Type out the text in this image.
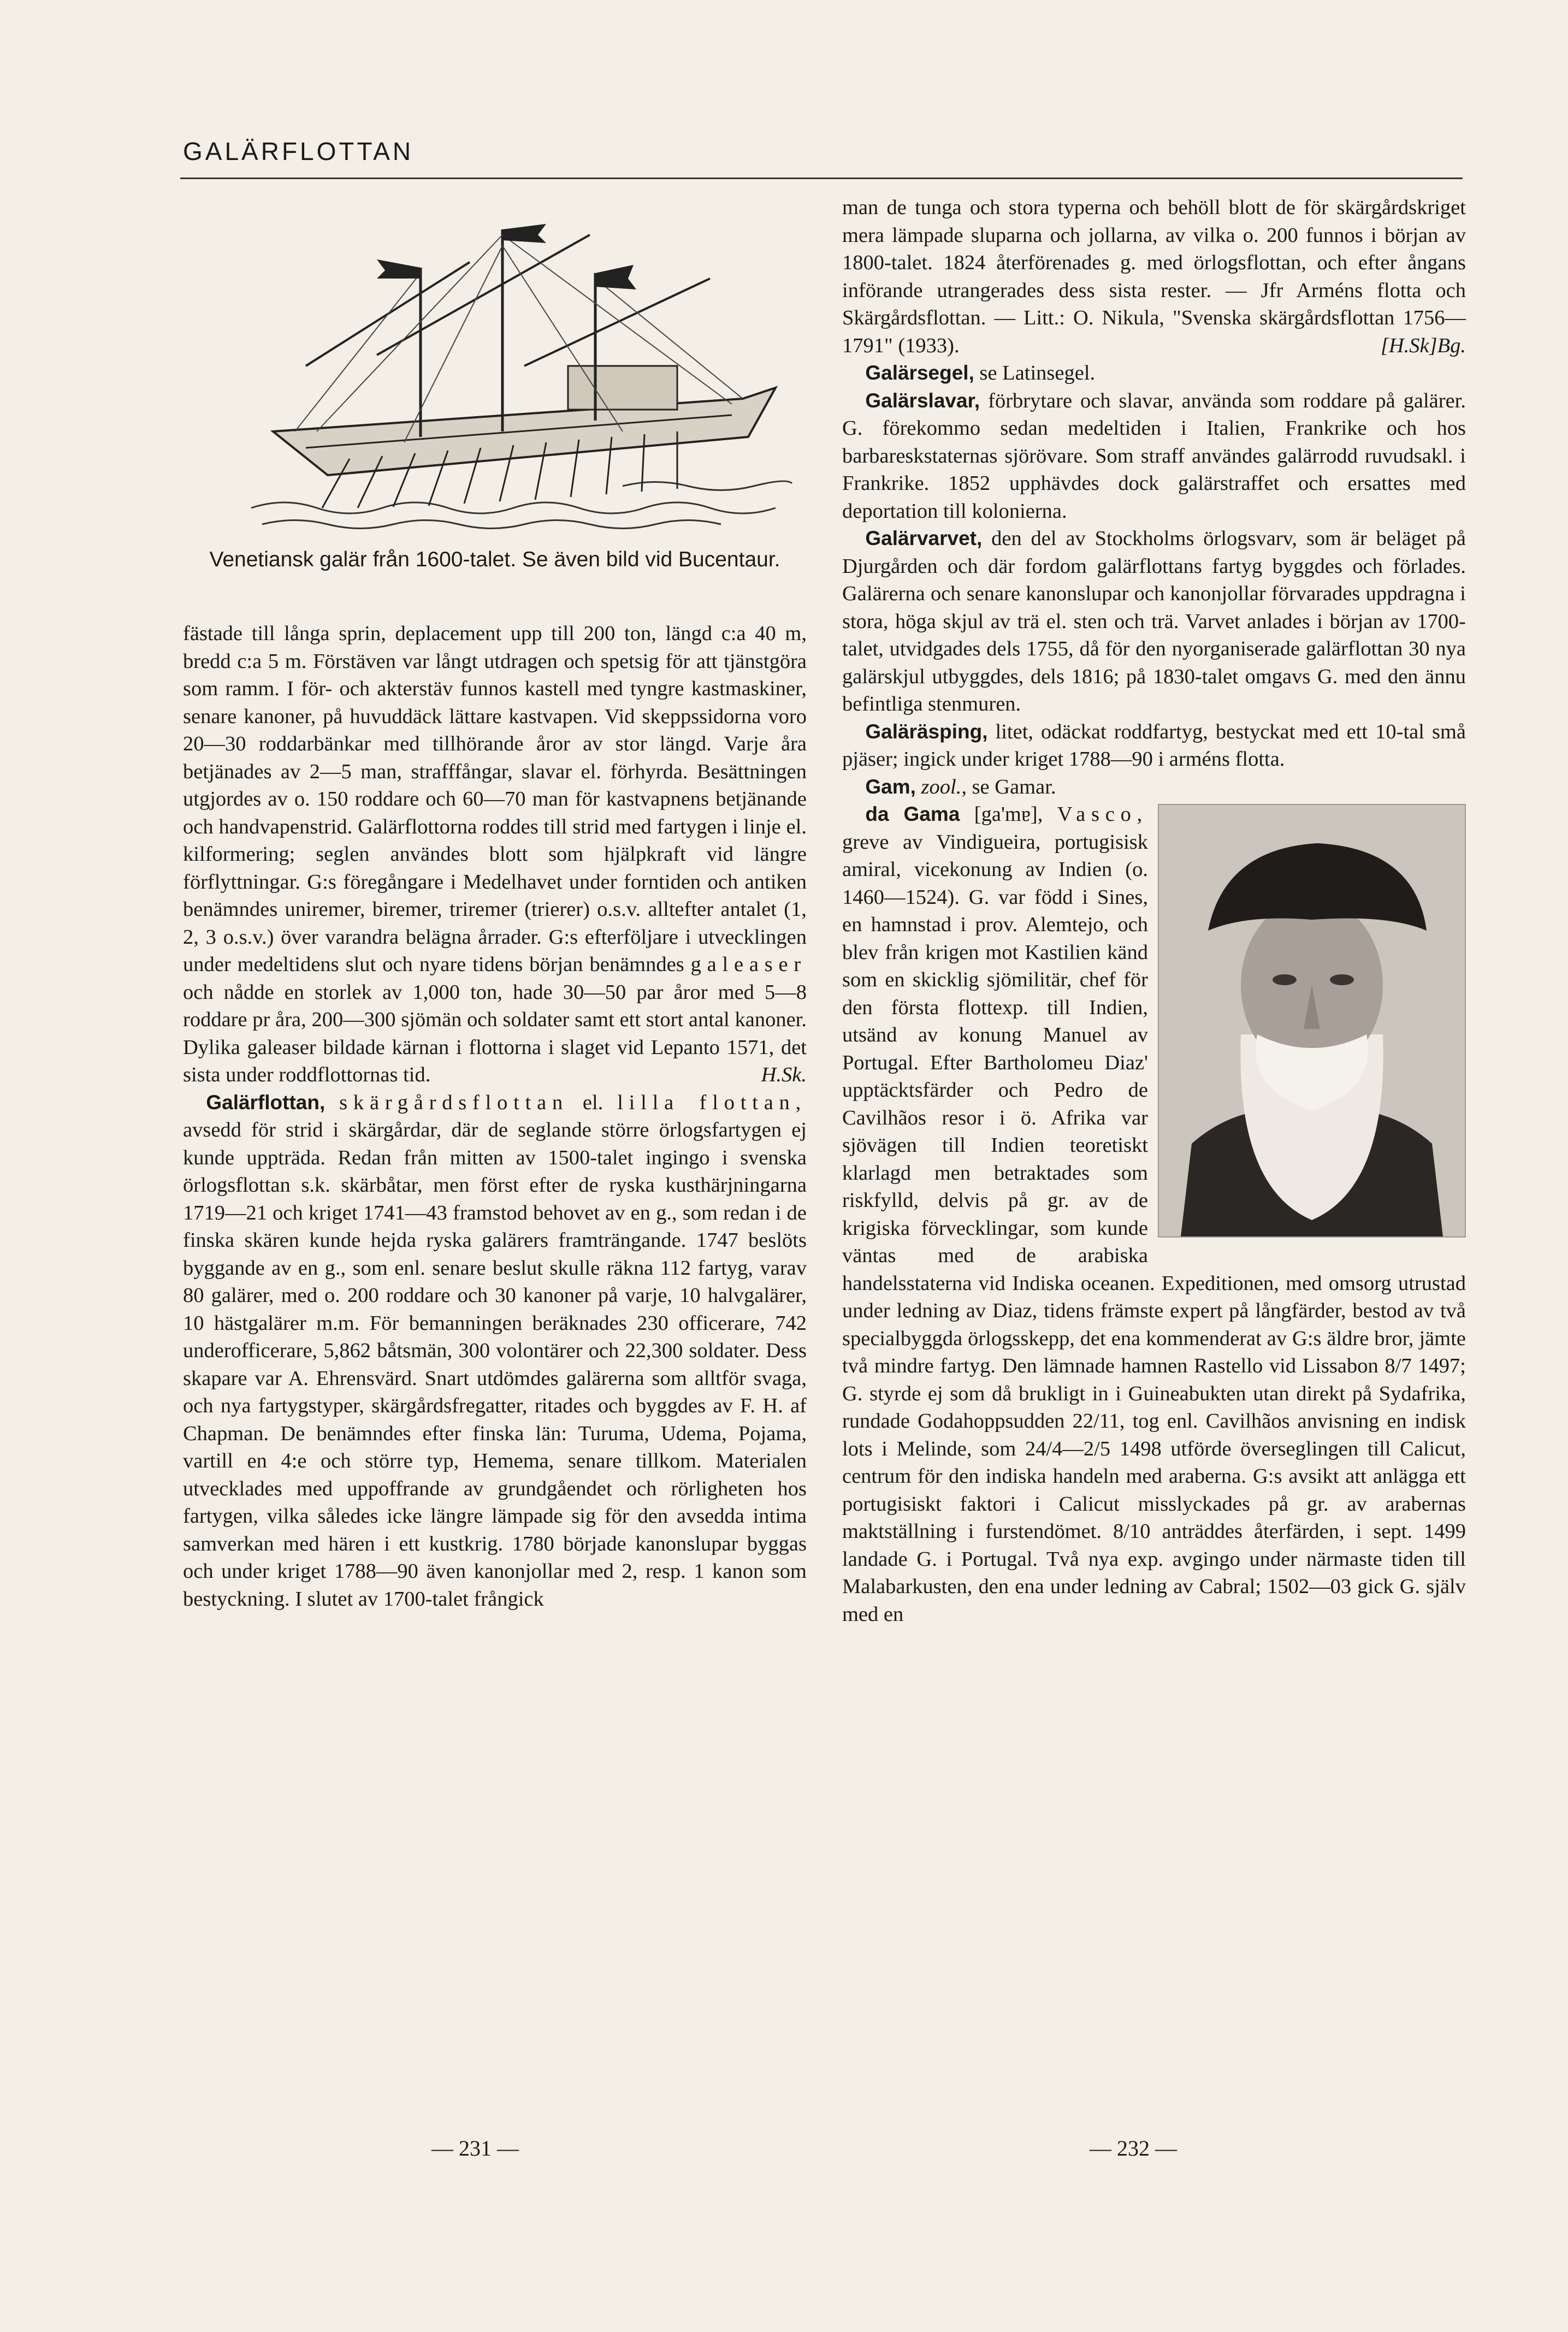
GALÄRFLOTTAN
Venetiansk galär från 1600-talet. Se även bild vid Bucentaur.

fästade till långa sprin, deplacement upp till 200 ton, längd c:a 40 m, bredd c:a 5 m. Förstäven var långt utdragen och spetsig för att tjänstgöra som ramm. I för- och akterstäv funnos kastell med tyngre kastmaskiner, senare kanoner, på huvuddäck lättare kastvapen. Vid skeppssidorna voro 20—30 roddarbänkar med tillhörande åror av stor längd. Varje åra betjänades av 2—5 man, strafffångar, slavar el. förhyrda. Besättningen utgjordes av o. 150 roddare och 60—70 man för kastvapnens betjänande och handvapenstrid. Galärflottorna roddes till strid med fartygen i linje el. kilformering; seglen användes blott som hjälpkraft vid längre förflyttningar. G:s föregångare i Medelhavet under forntiden och antiken benämndes uniremer, biremer, triremer (trierer) o.s.v. alltefter antalet (1, 2, 3 o.s.v.) över varandra belägna årrader. G:s efterföljare i utvecklingen under medeltidens slut och nyare tidens början benämndes galeaser och nådde en storlek av 1,000 ton, hade 30—50 par åror med 5—8 roddare pr åra, 200—300 sjömän och soldater samt ett stort antal kanoner. Dylika galeaser bildade kärnan i flottorna i slaget vid Lepanto 1571, det sista under roddflottornas tid.	H.Sk.

Galärflottan, skärgårdsflottan el. lilla flottan, avsedd för strid i skärgårdar, där de seglande större örlogsfartygen ej kunde uppträda. Redan från mitten av 1500-talet ingingo i svenska örlogsflottan s.k. skärbåtar, men först efter de ryska kusthärjningarna 1719—21 och kriget 1741—43 framstod behovet av en g., som redan i de finska skären kunde hejda ryska galärers framträngande. 1747 beslöts byggande av en g., som enl. senare beslut skulle räkna 112 fartyg, varav 80 galärer, med o. 200 roddare och 30 kanoner på varje, 10 halvgalärer, 10 hästgalärer m.m. För bemanningen beräknades 230 officerare, 742 underofficerare, 5,862 båtsmän, 300 volontärer och 22,300 soldater. Dess skapare var A. Ehrensvärd. Snart utdömdes galärerna som alltför svaga, och nya fartygstyper, skärgårdsfregatter, ritades och byggdes av F. H. af Chapman. De benämndes efter finska län: Turuma, Udema, Pojama, vartill en 4:e och större typ, Hemema, senare tillkom. Materialen utvecklades med uppoffrande av grundgåendet och rörligheten hos fartygen, vilka således icke längre lämpade sig för den avsedda intima samverkan med hären i ett kustkrig. 1780 började kanonslupar byggas och under kriget 1788—90 även kanonjollar med 2, resp. 1 kanon som bestyckning. I slutet av 1700-talet frångick

man de tunga och stora typerna och behöll blott de för skärgårdskriget mera lämpade sluparna och jollarna, av vilka o. 200 funnos i början av 1800-talet. 1824 återförenades g. med örlogsflottan, och efter ångans införande utrangerades dess sista rester. — Jfr Arméns flotta och Skärgårdsflottan. — Litt.: O. Nikula, "Svenska skärgårdsflottan 1756—1791" (1933).	[H.Sk]Bg.

Galärsegel, se Latinsegel.

Galärslavar, förbrytare och slavar, använda som roddare på galärer. G. förekommo sedan medeltiden i Italien, Frankrike och hos barbareskstaternas sjörövare. Som straff användes galärrodd ruvudsakl. i Frankrike. 1852 upphävdes dock galärstraffet och ersattes med deportation till kolonierna.

Galärvarvet, den del av Stockholms örlogsvarv, som är beläget på Djurgården och där fordom galärflottans fartyg byggdes och förlades. Galärerna och senare kanonslupar och kanonjollar förvarades uppdragna i stora, höga skjul av trä el. sten och trä. Varvet anlades i början av 1700-talet, utvidgades dels 1755, då för den nyorganiserade galärflottan 30 nya galärskjul utbyggdes, dels 1816; på 1830-talet omgavs G. med den ännu befintliga stenmuren.

Galäräsping, litet, odäckat roddfartyg, bestyckat med ett 10-tal små pjäser; ingick under kriget 1788—90 i arméns flotta.

Gam, zool., se Gamar.

da Gama [ga'mɐ], Vasco, greve av Vindigueira, portugisisk amiral, vicekonung av Indien (o. 1460—1524). G. var född i Sines, en hamnstad i prov. Alemtejo, och blev från krigen mot Kastilien känd som en skicklig sjömilitär, chef för den första flottexp. till Indien, utsänd av konung Manuel av Portugal. Efter Bartholomeu Diaz' upptäcktsfärder och Pedro de Cavilhãos resor i ö. Afrika var sjövägen till Indien teoretiskt klarlagd men betraktades som riskfylld, delvis på gr. av de krigiska förvecklingar, som kunde väntas med de arabiska handelsstaterna vid Indiska oceanen. Expeditionen, med omsorg utrustad under ledning av Diaz, tidens främste expert på långfärder, bestod av två specialbyggda örlogsskepp, det ena kommenderat av G:s äldre bror, jämte två mindre fartyg. Den lämnade hamnen Rastello vid Lissabon 8/7 1497; G. styrde ej som då brukligt in i Guineabukten utan direkt på Sydafrika, rundade Godahoppsudden 22/11, tog enl. Cavilhãos anvisning en indisk lots i Melinde, som 24/4—2/5 1498 utförde överseglingen till Calicut, centrum för den indiska handeln med araberna. G:s avsikt att anlägga ett portugisiskt faktori i Calicut misslyckades på gr. av arabernas maktställning i furstendömet. 8/10 anträddes återfärden, i sept. 1499 landade G. i Portugal. Två nya exp. avgingo under närmaste tiden till Malabarkusten, den ena under ledning av Cabral; 1502—03 gick G. själv med en

— 231 —	— 232 —
